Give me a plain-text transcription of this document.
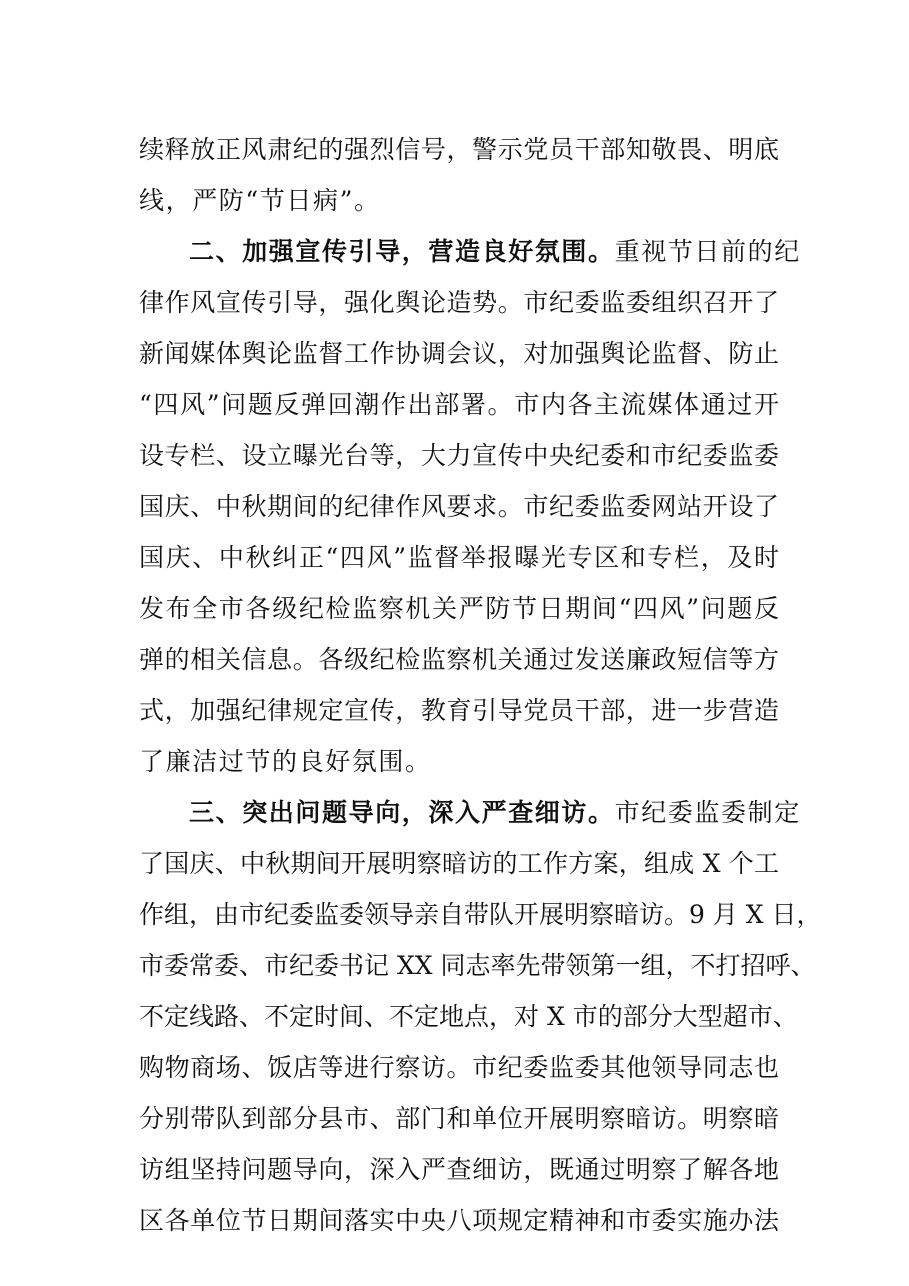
续释放正风肃纪的强烈信号，警示党员干部知敬畏、明底
线，严防“节日病”。
二、加强宣传引导，营造良好氛围。重视节日前的纪
律作风宣传引导，强化舆论造势。市纪委监委组织召开了
新闻媒体舆论监督工作协调会议，对加强舆论监督、防止
“四风”问题反弹回潮作出部署。市内各主流媒体通过开
设专栏、设立曝光台等，大力宣传中央纪委和市纪委监委
国庆、中秋期间的纪律作风要求。市纪委监委网站开设了
国庆、中秋纠正“四风”监督举报曝光专区和专栏，及时
发布全市各级纪检监察机关严防节日期间“四风”问题反
弹的相关信息。各级纪检监察机关通过发送廉政短信等方
式，加强纪律规定宣传，教育引导党员干部，进一步营造
了廉洁过节的良好氛围。
三、突出问题导向，深入严查细访。市纪委监委制定
了国庆、中秋期间开展明察暗访的工作方案，组成 X 个工
作组，由市纪委监委领导亲自带队开展明察暗访。9 月 X 日，
市委常委、市纪委书记 XX 同志率先带领第一组，不打招呼、
不定线路、不定时间、不定地点，对 X 市的部分大型超市、
购物商场、饭店等进行察访。市纪委监委其他领导同志也
分别带队到部分县市、部门和单位开展明察暗访。明察暗
访组坚持问题导向，深入严查细访，既通过明察了解各地
区各单位节日期间落实中央八项规定精神和市委实施办法
